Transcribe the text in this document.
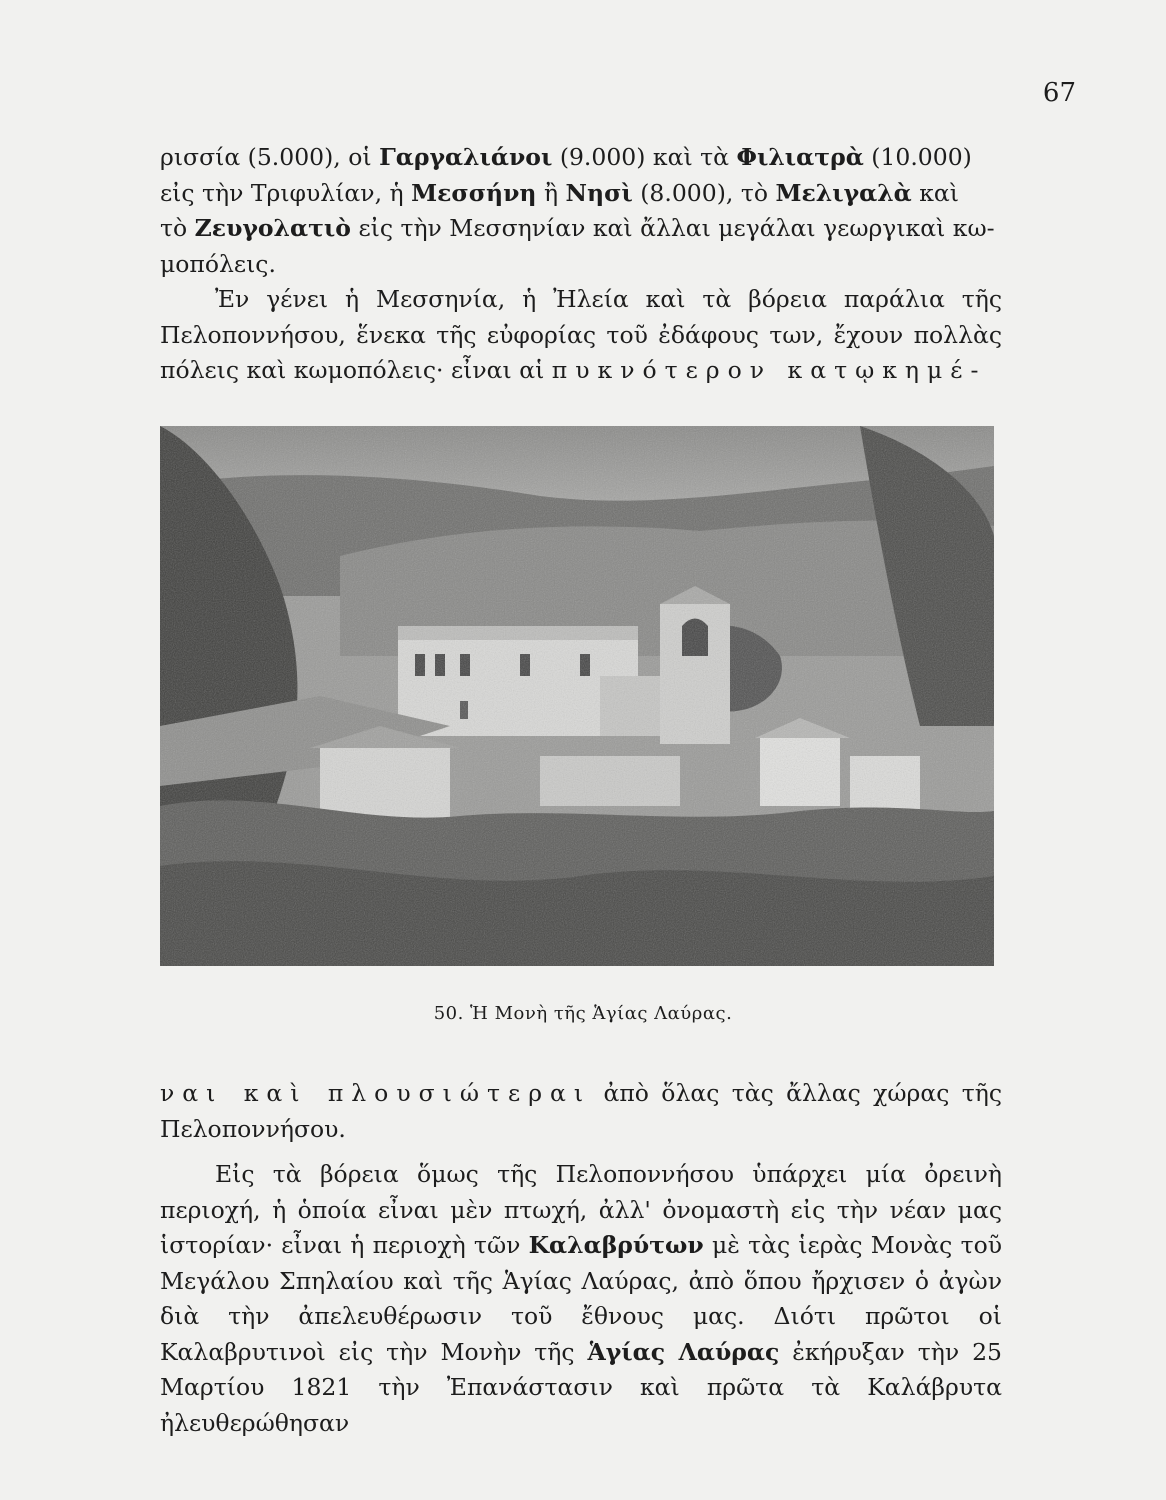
67

ρισσία (5.000), οἱ Γαργαλιάνοι (9.000) καὶ τὰ Φιλιατρὰ (10.000)

εἰς τὴν Τριφυλίαν, ἡ Μεσσήνη ἢ Νησὶ (8.000), τὸ Μελιγαλὰ καὶ

τὸ Ζευγολατιὸ εἰς τὴν Μεσσηνίαν καὶ ἄλλαι μεγάλαι γεωργικαὶ κω-

μοπόλεις.

Ἐν γένει ἡ Μεσσηνία, ἡ Ἠλεία καὶ τὰ βόρεια παράλια τῆς Πελοποννήσου, ἕνεκα τῆς εὐφορίας τοῦ ἐδάφους των, ἔχουν πολλὰς πόλεις καὶ κωμοπόλεις· εἶναι αἱ πυκνότερον κατῳκημέ-

50. Ἡ Μονὴ τῆς Ἁγίας Λαύρας.

ναι καὶ πλουσιώτεραι ἀπὸ ὅλας τὰς ἄλλας χώρας τῆς Πελοποννήσου.

Εἰς τὰ βόρεια ὅμως τῆς Πελοποννήσου ὑπάρχει μία ὀρεινὴ περιοχή, ἡ ὁποία εἶναι μὲν πτωχή, ἀλλ' ὀνομαστὴ εἰς τὴν νέαν μας ἱστορίαν· εἶναι ἡ περιοχὴ τῶν Καλαβρύτων μὲ τὰς ἱερὰς Μονὰς τοῦ Μεγάλου Σπηλαίου καὶ τῆς Ἁγίας Λαύρας, ἀπὸ ὅπου ἤρχισεν ὁ ἀγὼν διὰ τὴν ἀπελευθέρωσιν τοῦ ἔθνους μας. Διότι πρῶτοι οἱ Καλαβρυτινοὶ εἰς τὴν Μονὴν τῆς Ἁγίας Λαύρας ἐκήρυξαν τὴν 25 Μαρτίου 1821 τὴν Ἐπανάστασιν καὶ πρῶτα τὰ Καλάβρυτα ἠλευθερώθησαν
